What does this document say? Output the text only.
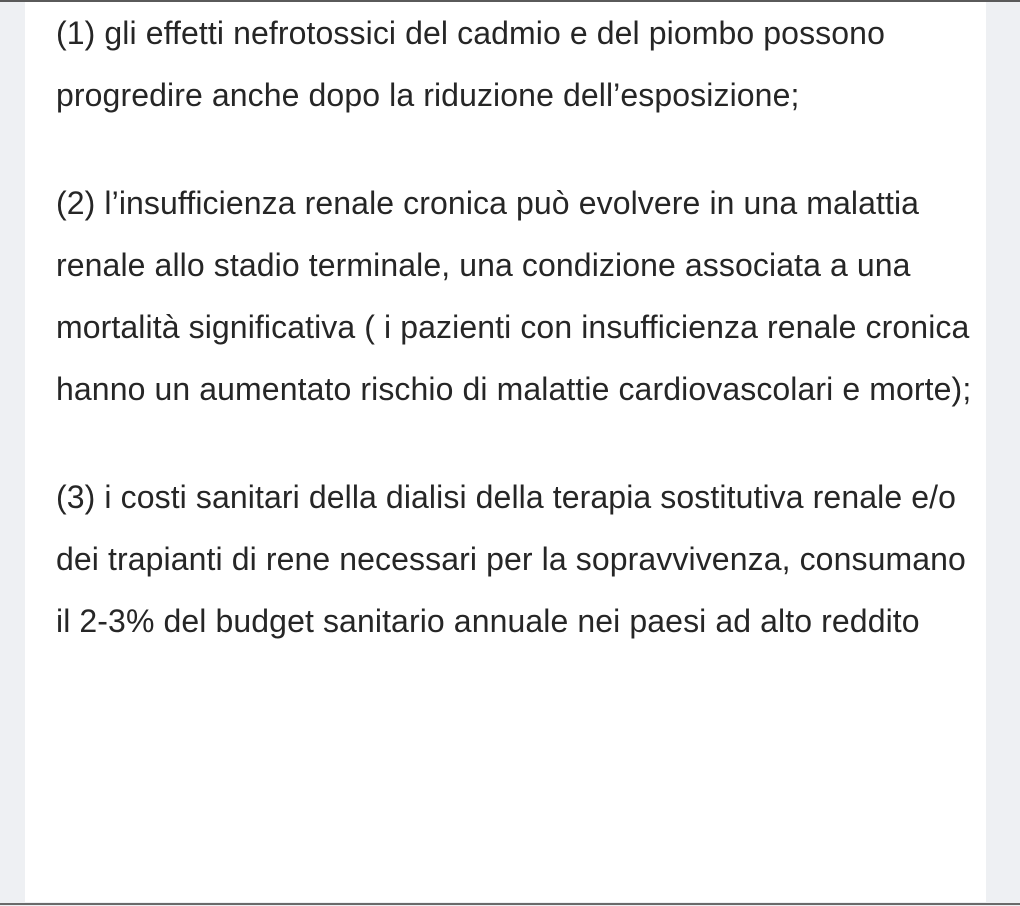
(1) gli effetti nefrotossici del cadmio e del piombo possono progredire anche dopo la riduzione dell’esposizione;

(2) l’insufficienza renale cronica può evolvere in una malattia renale allo stadio terminale, una condizione associata a una mortalità significativa ( i pazienti con insufficienza renale cronica hanno un aumentato rischio di malattie cardiovascolari e morte);

(3) i costi sanitari della dialisi della terapia sostitutiva renale e/o dei trapianti di rene necessari per la sopravvivenza, consumano il 2-3% del budget sanitario annuale nei paesi ad alto reddito
